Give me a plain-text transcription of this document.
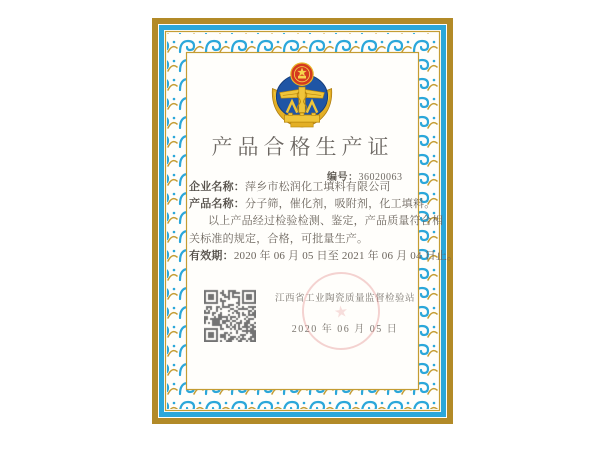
产品合格生产证
编号：36020063
企业名称：萍乡市松润化工填料有限公司
产品名称：分子筛，催化剂，吸附剂，化工填料。
以上产品经过检验检测、鉴定，产品质量符合相
关标准的规定，合格，可批量生产。
有效期：2020 年 06 月 05 日至 2021 年 06 月 04 日止。
江西省工业陶瓷质量监督检验站
2020 年 06 月 05 日
★
